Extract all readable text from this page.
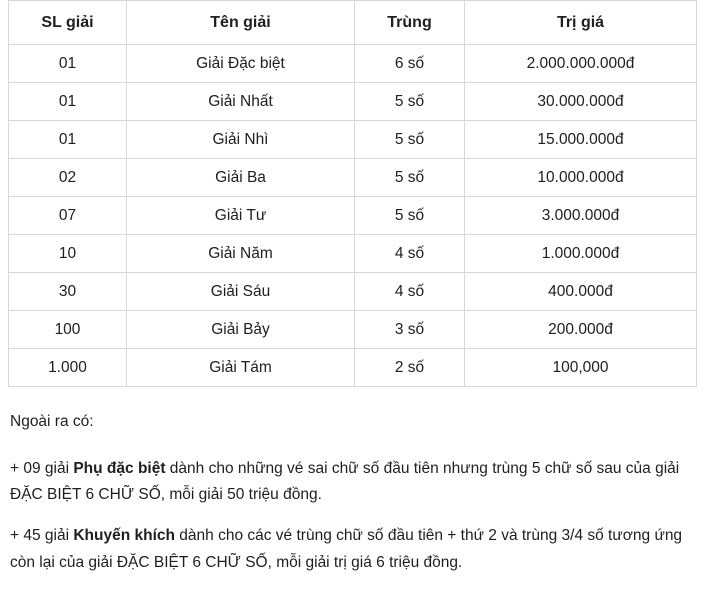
SL giải	Tên giải	Trùng	Trị giá
01	Giải Đặc biệt	6 số	2.000.000.000đ
01	Giải Nhất	5 số	30.000.000đ
01	Giải Nhì	5 số	15.000.000đ
02	Giải Ba	5 số	10.000.000đ
07	Giải Tư	5 số	3.000.000đ
10	Giải Năm	4 số	1.000.000đ
30	Giải Sáu	4 số	400.000đ
100	Giải Bảy	3 số	200.000đ
1.000	Giải Tám	2 số	100,000

Ngoài ra có:

+ 09 giải Phụ đặc biệt dành cho những vé sai chữ số đầu tiên nhưng trùng 5 chữ số sau của giải ĐẶC BIỆT 6 CHỮ SỐ, mỗi giải 50 triệu đồng.

+ 45 giải Khuyến khích dành cho các vé trùng chữ số đầu tiên + thứ 2 và trùng 3/4 số tương ứng còn lại của giải ĐẶC BIỆT 6 CHỮ SỐ, mỗi giải trị giá 6 triệu đồng.
